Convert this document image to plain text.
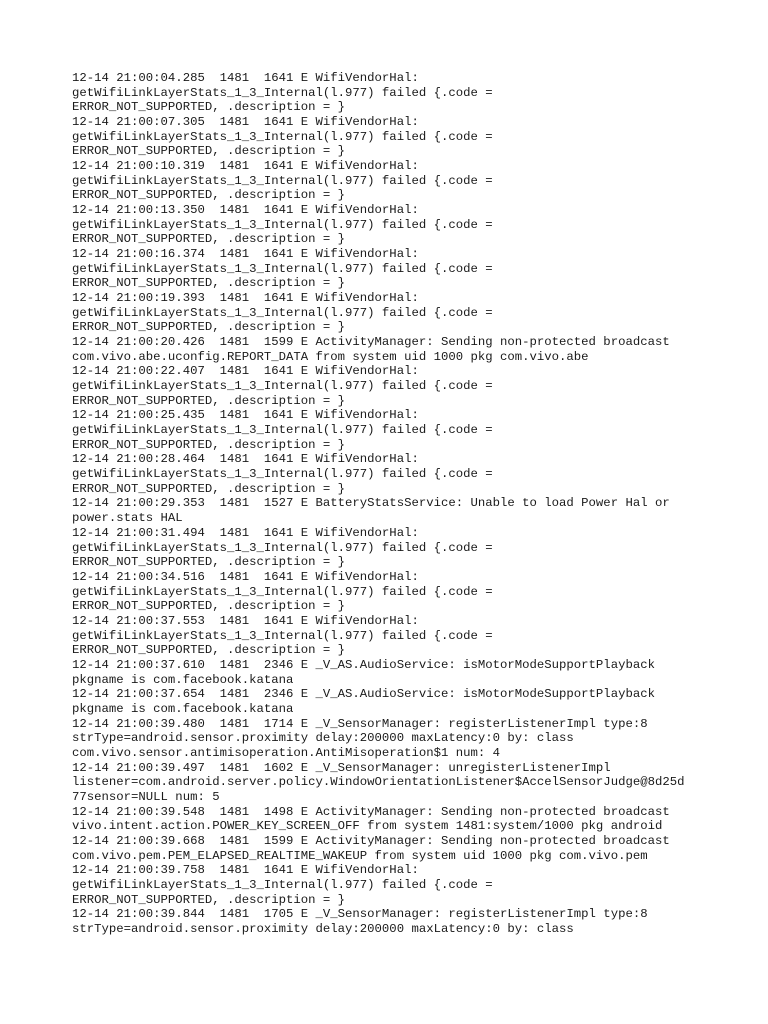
12-14 21:00:04.285  1481  1641 E WifiVendorHal:
getWifiLinkLayerStats_1_3_Internal(l.977) failed {.code =
ERROR_NOT_SUPPORTED, .description = }
12-14 21:00:07.305  1481  1641 E WifiVendorHal:
getWifiLinkLayerStats_1_3_Internal(l.977) failed {.code =
ERROR_NOT_SUPPORTED, .description = }
12-14 21:00:10.319  1481  1641 E WifiVendorHal:
getWifiLinkLayerStats_1_3_Internal(l.977) failed {.code =
ERROR_NOT_SUPPORTED, .description = }
12-14 21:00:13.350  1481  1641 E WifiVendorHal:
getWifiLinkLayerStats_1_3_Internal(l.977) failed {.code =
ERROR_NOT_SUPPORTED, .description = }
12-14 21:00:16.374  1481  1641 E WifiVendorHal:
getWifiLinkLayerStats_1_3_Internal(l.977) failed {.code =
ERROR_NOT_SUPPORTED, .description = }
12-14 21:00:19.393  1481  1641 E WifiVendorHal:
getWifiLinkLayerStats_1_3_Internal(l.977) failed {.code =
ERROR_NOT_SUPPORTED, .description = }
12-14 21:00:20.426  1481  1599 E ActivityManager: Sending non-protected broadcast
com.vivo.abe.uconfig.REPORT_DATA from system uid 1000 pkg com.vivo.abe
12-14 21:00:22.407  1481  1641 E WifiVendorHal:
getWifiLinkLayerStats_1_3_Internal(l.977) failed {.code =
ERROR_NOT_SUPPORTED, .description = }
12-14 21:00:25.435  1481  1641 E WifiVendorHal:
getWifiLinkLayerStats_1_3_Internal(l.977) failed {.code =
ERROR_NOT_SUPPORTED, .description = }
12-14 21:00:28.464  1481  1641 E WifiVendorHal:
getWifiLinkLayerStats_1_3_Internal(l.977) failed {.code =
ERROR_NOT_SUPPORTED, .description = }
12-14 21:00:29.353  1481  1527 E BatteryStatsService: Unable to load Power Hal or
power.stats HAL
12-14 21:00:31.494  1481  1641 E WifiVendorHal:
getWifiLinkLayerStats_1_3_Internal(l.977) failed {.code =
ERROR_NOT_SUPPORTED, .description = }
12-14 21:00:34.516  1481  1641 E WifiVendorHal:
getWifiLinkLayerStats_1_3_Internal(l.977) failed {.code =
ERROR_NOT_SUPPORTED, .description = }
12-14 21:00:37.553  1481  1641 E WifiVendorHal:
getWifiLinkLayerStats_1_3_Internal(l.977) failed {.code =
ERROR_NOT_SUPPORTED, .description = }
12-14 21:00:37.610  1481  2346 E _V_AS.AudioService: isMotorModeSupportPlayback
pkgname is com.facebook.katana
12-14 21:00:37.654  1481  2346 E _V_AS.AudioService: isMotorModeSupportPlayback
pkgname is com.facebook.katana
12-14 21:00:39.480  1481  1714 E _V_SensorManager: registerListenerImpl type:8
strType=android.sensor.proximity delay:200000 maxLatency:0 by: class
com.vivo.sensor.antimisoperation.AntiMisoperation$1 num: 4
12-14 21:00:39.497  1481  1602 E _V_SensorManager: unregisterListenerImpl
listener=com.android.server.policy.WindowOrientationListener$AccelSensorJudge@8d25d
77sensor=NULL num: 5
12-14 21:00:39.548  1481  1498 E ActivityManager: Sending non-protected broadcast
vivo.intent.action.POWER_KEY_SCREEN_OFF from system 1481:system/1000 pkg android
12-14 21:00:39.668  1481  1599 E ActivityManager: Sending non-protected broadcast
com.vivo.pem.PEM_ELAPSED_REALTIME_WAKEUP from system uid 1000 pkg com.vivo.pem
12-14 21:00:39.758  1481  1641 E WifiVendorHal:
getWifiLinkLayerStats_1_3_Internal(l.977) failed {.code =
ERROR_NOT_SUPPORTED, .description = }
12-14 21:00:39.844  1481  1705 E _V_SensorManager: registerListenerImpl type:8
strType=android.sensor.proximity delay:200000 maxLatency:0 by: class
